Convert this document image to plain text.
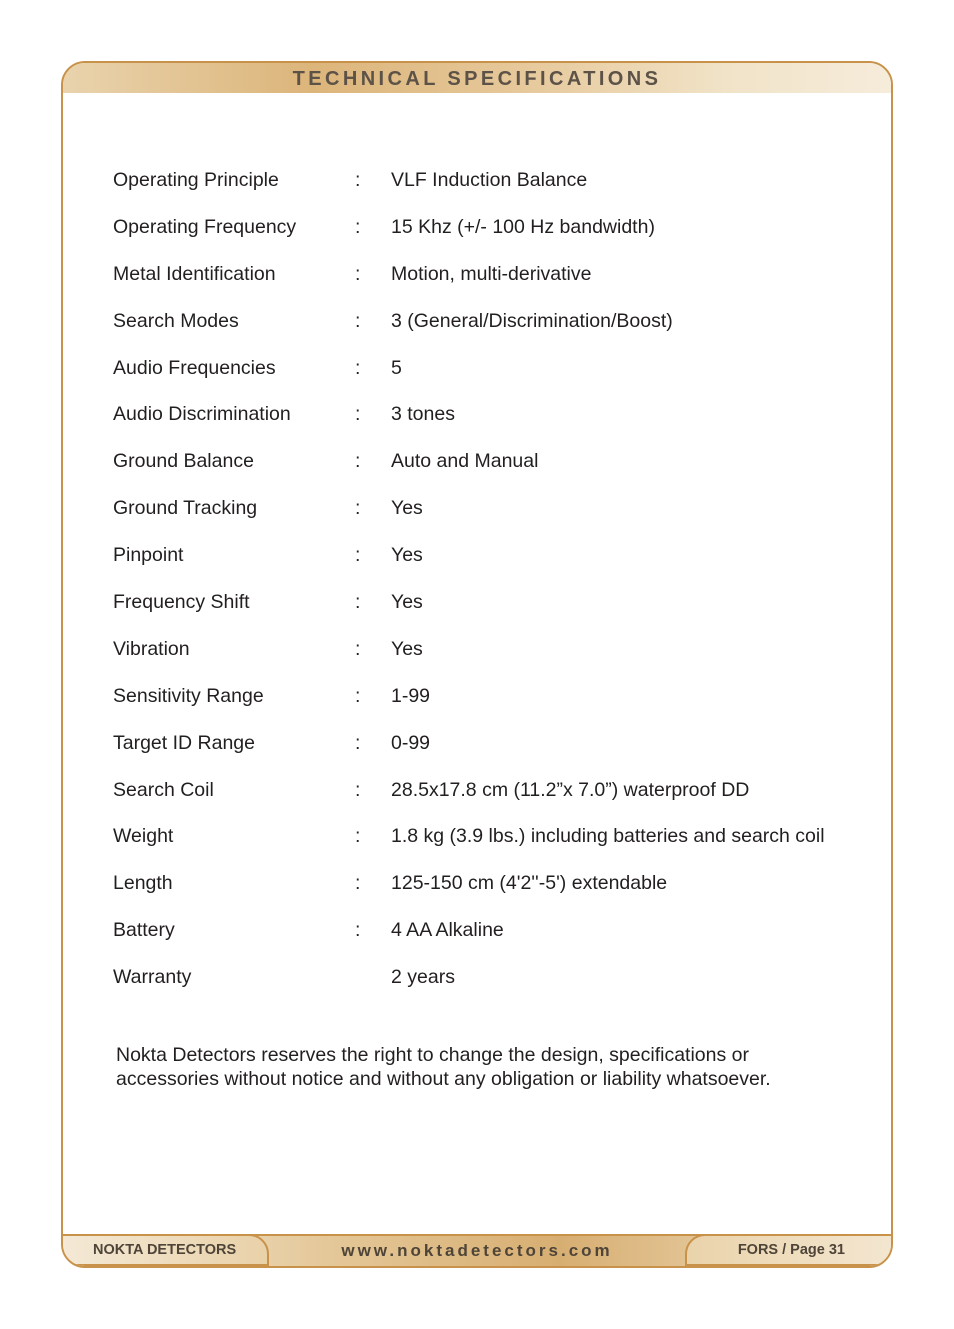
TECHNICAL SPECIFICATIONS
Operating Principle	: VLF Induction Balance
Operating Frequency	: 15 Khz (+/- 100 Hz bandwidth)
Metal Identification	: Motion, multi-derivative
Search Modes	: 3 (General/Discrimination/Boost)
Audio Frequencies	: 5
Audio Discrimination	: 3 tones
Ground Balance	: Auto and Manual
Ground Tracking	: Yes
Pinpoint	: Yes
Frequency Shift	: Yes
Vibration	: Yes
Sensitivity Range	: 1-99
Target ID Range	: 0-99
Search Coil	: 28.5x17.8 cm (11.2”x 7.0”) waterproof DD
Weight	: 1.8 kg (3.9 lbs.) including batteries and search coil
Length	: 125-150 cm (4'2''-5') extendable
Battery	: 4 AA Alkaline
Warranty	2 years
Nokta Detectors reserves the right to change the design, specifications or
accessories without notice and without any obligation or liability whatsoever.
NOKTA DETECTORS	www.noktadetectors.com	FORS / Page 31
